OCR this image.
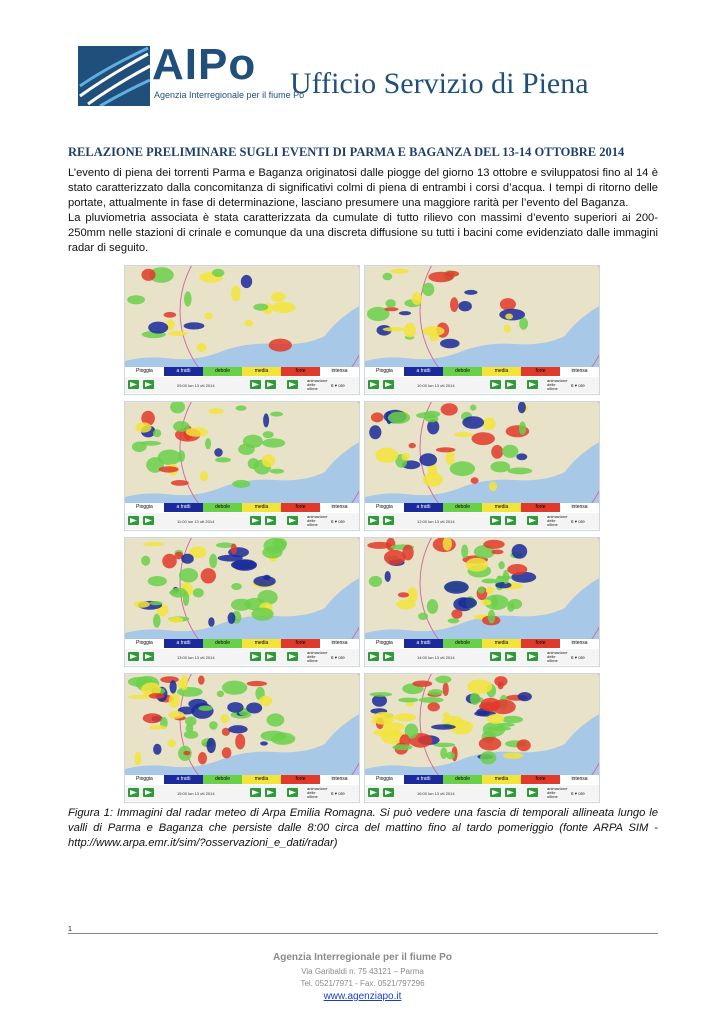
AIPo
Agenzia Interregionale per il fiume Po
Ufficio Servizio di Piena
RELAZIONE PRELIMINARE SUGLI EVENTI DI PARMA E BAGANZA DEL 13-14 OTTOBRE 2014

L’evento di piena dei torrenti Parma e Baganza originatosi dalle piogge del giorno 13 ottobre e sviluppatosi fino al 14 è stato caratterizzato dalla concomitanza di significativi colmi di piena di entrambi i corsi d’acqua. I tempi di ritorno delle portate, attualmente in fase di determinazione, lasciano presumere una maggiore rarità per l’evento del Baganza.

La pluviometria associata è stata caratterizzata da cumulate di tutto rilievo con massimi d’evento superiori ai 200-250mm nelle stazioni di crinale e comunque da una discreta diffusione su tutti i bacini come evidenziato dalle immagini radar di seguito.

Pioggia	a tratti	debole	media	forte	intensa
09:00 lun 13 ott 2014
animazione delle ultime
6 ▾ ore
Pioggia	a tratti	debole	media	forte	intensa
10:00 lun 13 ott 2014
animazione delle ultime
6 ▾ ore
Pioggia	a tratti	debole	media	forte	intensa
11:00 lun 13 ott 2014
animazione delle ultime
6 ▾ ore
Pioggia	a tratti	debole	media	forte	intensa
12:00 lun 13 ott 2014
animazione delle ultime
6 ▾ ore
Pioggia	a tratti	debole	media	forte	intensa
13:00 lun 13 ott 2014
animazione delle ultime
6 ▾ ore
Pioggia	a tratti	debole	media	forte	intensa
14:00 lun 13 ott 2014
animazione delle ultime
6 ▾ ore
Pioggia	a tratti	debole	media	forte	intensa
15:00 lun 13 ott 2014
animazione delle ultime
6 ▾ ore
Pioggia	a tratti	debole	media	forte	intensa
16:00 lun 13 ott 2014
animazione delle ultime
6 ▾ ore
Figura 1: Immagini dal radar meteo di Arpa Emilia Romagna. Si può vedere una fascia di temporali allineata lungo le valli di Parma e Baganza che persiste dalle 8:00 circa del mattino fino al tardo pomeriggio (fonte ARPA SIM - http://www.arpa.emr.it/sim/?osservazioni_e_dati/radar)
1
Agenzia Interregionale per il fiume Po
Via Garibaldi n. 75 43121 – Parma
Tel. 0521/7971 - Fax. 0521/797296
www.agenziapo.it
